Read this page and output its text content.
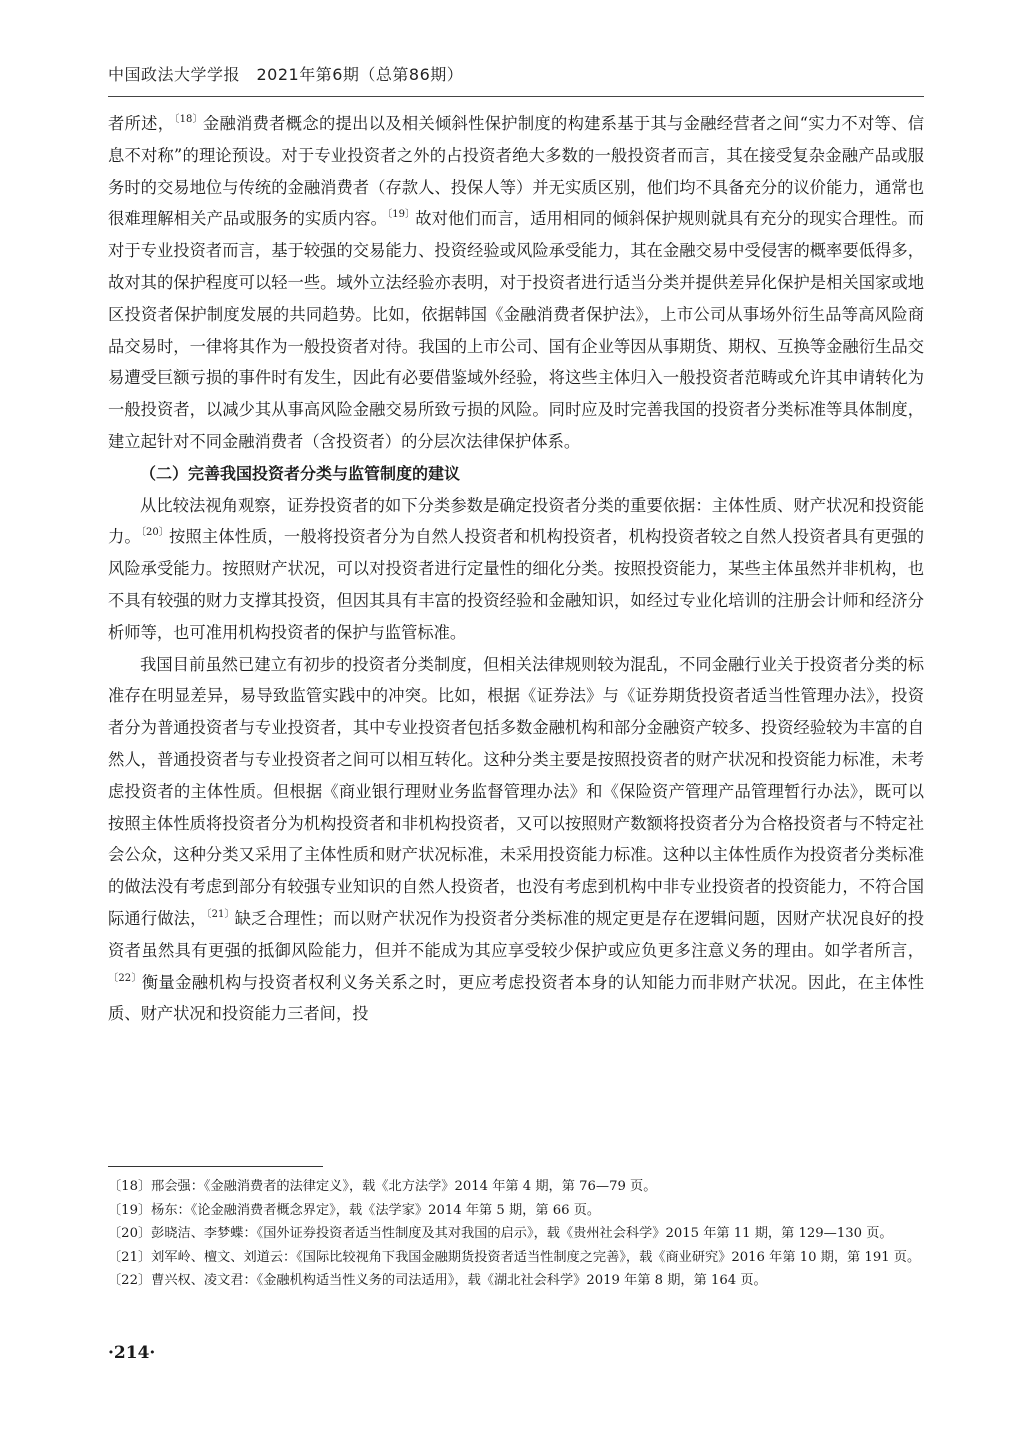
中国政法大学学报　2021年第6期（总第86期）

者所述，$^{〔18〕}$金融消费者概念的提出以及相关倾斜性保护制度的构建系基于其与金融经营者之间“实力不对等、信息不对称”的理论预设。对于专业投资者之外的占投资者绝大多数的一般投资者而言，其在接受复杂金融产品或服务时的交易地位与传统的金融消费者（存款人、投保人等）并无实质区别，他们均不具备充分的议价能力，通常也很难理解相关产品或服务的实质内容。$^{〔19〕}$故对他们而言，适用相同的倾斜保护规则就具有充分的现实合理性。而对于专业投资者而言，基于较强的交易能力、投资经验或风险承受能力，其在金融交易中受侵害的概率要低得多，故对其的保护程度可以轻一些。域外立法经验亦表明，对于投资者进行适当分类并提供差异化保护是相关国家或地区投资者保护制度发展的共同趋势。比如，依据韩国《金融消费者保护法》，上市公司从事场外衍生品等高风险商品交易时，一律将其作为一般投资者对待。我国的上市公司、国有企业等因从事期货、期权、互换等金融衍生品交易遭受巨额亏损的事件时有发生，因此有必要借鉴域外经验，将这些主体归入一般投资者范畴或允许其申请转化为一般投资者，以减少其从事高风险金融交易所致亏损的风险。同时应及时完善我国的投资者分类标准等具体制度，建立起针对不同金融消费者（含投资者）的分层次法律保护体系。

（二）完善我国投资者分类与监管制度的建议

从比较法视角观察，证券投资者的如下分类参数是确定投资者分类的重要依据：主体性质、财产状况和投资能力。$^{〔20〕}$按照主体性质，一般将投资者分为自然人投资者和机构投资者，机构投资者较之自然人投资者具有更强的风险承受能力。按照财产状况，可以对投资者进行定量性的细化分类。按照投资能力，某些主体虽然并非机构，也不具有较强的财力支撑其投资，但因其具有丰富的投资经验和金融知识，如经过专业化培训的注册会计师和经济分析师等，也可准用机构投资者的保护与监管标准。

我国目前虽然已建立有初步的投资者分类制度，但相关法律规则较为混乱，不同金融行业关于投资者分类的标准存在明显差异，易导致监管实践中的冲突。比如，根据《证券法》与《证券期货投资者适当性管理办法》，投资者分为普通投资者与专业投资者，其中专业投资者包括多数金融机构和部分金融资产较多、投资经验较为丰富的自然人，普通投资者与专业投资者之间可以相互转化。这种分类主要是按照投资者的财产状况和投资能力标准，未考虑投资者的主体性质。但根据《商业银行理财业务监督管理办法》和《保险资产管理产品管理暂行办法》，既可以按照主体性质将投资者分为机构投资者和非机构投资者，又可以按照财产数额将投资者分为合格投资者与不特定社会公众，这种分类又采用了主体性质和财产状况标准，未采用投资能力标准。这种以主体性质作为投资者分类标准的做法没有考虑到部分有较强专业知识的自然人投资者，也没有考虑到机构中非专业投资者的投资能力，不符合国际通行做法，$^{〔21〕}$缺乏合理性；而以财产状况作为投资者分类标准的规定更是存在逻辑问题，因财产状况良好的投资者虽然具有更强的抵御风险能力，但并不能成为其应享受较少保护或应负更多注意义务的理由。如学者所言，$^{〔22〕}$衡量金融机构与投资者权利义务关系之时，更应考虑投资者本身的认知能力而非财产状况。因此，在主体性质、财产状况和投资能力三者间，投

〔18〕邢会强：《金融消费者的法律定义》，载《北方法学》2014 年第 4 期，第 76—79 页。

〔19〕杨东：《论金融消费者概念界定》，载《法学家》2014 年第 5 期，第 66 页。

〔20〕彭晓洁、李梦蝶：《国外证券投资者适当性制度及其对我国的启示》，载《贵州社会科学》2015 年第 11 期，第 129—130 页。

〔21〕刘军岭、檀文、刘道云：《国际比较视角下我国金融期货投资者适当性制度之完善》，载《商业研究》2016 年第 10 期，第 191 页。

〔22〕曹兴权、凌文君：《金融机构适当性义务的司法适用》，载《湖北社会科学》2019 年第 8 期，第 164 页。

·214·
